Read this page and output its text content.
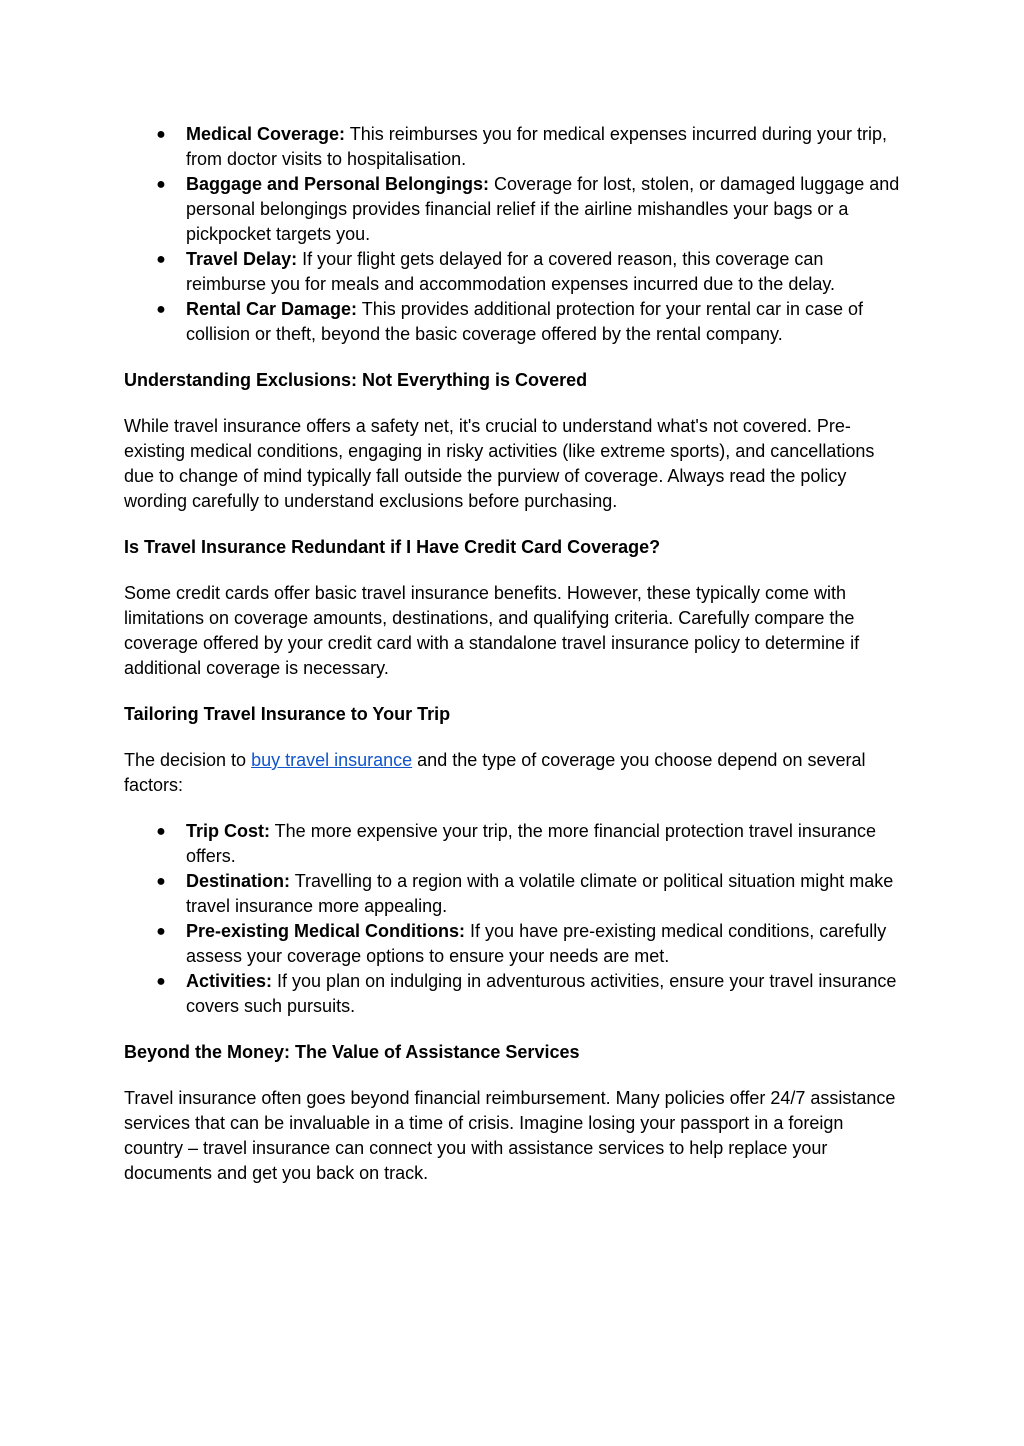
● Medical Coverage: This reimburses you for medical expenses incurred during your trip, from doctor visits to hospitalisation.
● Baggage and Personal Belongings: Coverage for lost, stolen, or damaged luggage and personal belongings provides financial relief if the airline mishandles your bags or a pickpocket targets you.
● Travel Delay: If your flight gets delayed for a covered reason, this coverage can reimburse you for meals and accommodation expenses incurred due to the delay.
● Rental Car Damage: This provides additional protection for your rental car in case of collision or theft, beyond the basic coverage offered by the rental company.
Understanding Exclusions: Not Everything is Covered

While travel insurance offers a safety net, it's crucial to understand what's not covered. Pre-existing medical conditions, engaging in risky activities (like extreme sports), and cancellations due to change of mind typically fall outside the purview of coverage. Always read the policy wording carefully to understand exclusions before purchasing.

Is Travel Insurance Redundant if I Have Credit Card Coverage?

Some credit cards offer basic travel insurance benefits. However, these typically come with limitations on coverage amounts, destinations, and qualifying criteria. Carefully compare the coverage offered by your credit card with a standalone travel insurance policy to determine if additional coverage is necessary.

Tailoring Travel Insurance to Your Trip

The decision to buy travel insurance and the type of coverage you choose depend on several factors:

● Trip Cost: The more expensive your trip, the more financial protection travel insurance offers.
● Destination: Travelling to a region with a volatile climate or political situation might make travel insurance more appealing.
● Pre-existing Medical Conditions: If you have pre-existing medical conditions, carefully assess your coverage options to ensure your needs are met.
● Activities: If you plan on indulging in adventurous activities, ensure your travel insurance covers such pursuits.
Beyond the Money: The Value of Assistance Services

Travel insurance often goes beyond financial reimbursement. Many policies offer 24/7 assistance services that can be invaluable in a time of crisis. Imagine losing your passport in a foreign country – travel insurance can connect you with assistance services to help replace your documents and get you back on track.
